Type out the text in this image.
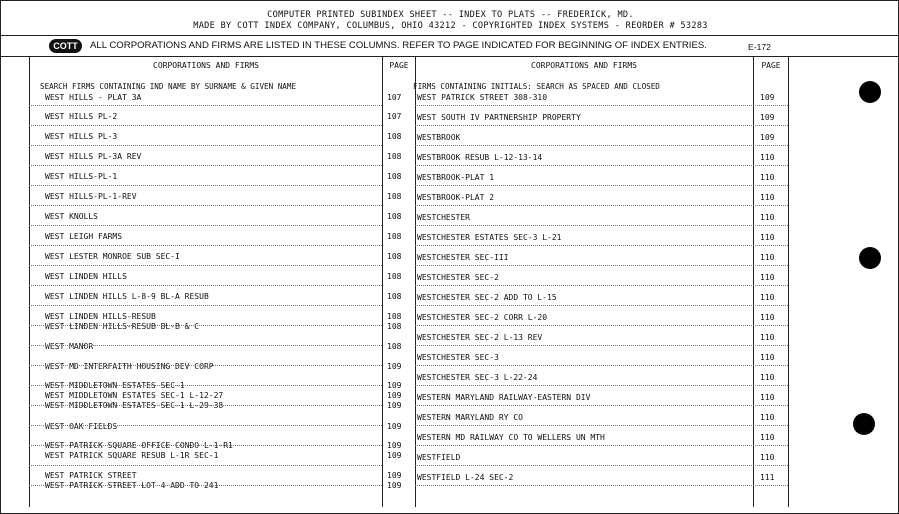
COMPUTER PRINTED SUBINDEX SHEET -- INDEX TO PLATS -- FREDERICK, MD.
MADE BY COTT INDEX COMPANY, COLUMBUS, OHIO 43212 - COPYRIGHTED INDEX SYSTEMS - REORDER # 53283
COTT	ALL CORPORATIONS AND FIRMS ARE LISTED IN THESE COLUMNS. REFER TO PAGE INDICATED FOR BEGINNING OF INDEX ENTRIES.	E-172
CORPORATIONS AND FIRMS	PAGE	CORPORATIONS AND FIRMS	PAGE
SEARCH FIRMS CONTAINING IND NAME BY SURNAME & GIVEN NAME	FIRMS CONTAINING INITIALS: SEARCH AS SPACED AND CLOSED
WEST HILLS - PLAT 3A	107
WEST HILLS PL-2	107
WEST HILLS PL-3	108
WEST HILLS PL-3A REV	108
WEST HILLS-PL-1	108
WEST HILLS-PL-1-REV	108
WEST KNOLLS	108
WEST LEIGH FARMS	108
WEST LESTER MONROE SUB SEC-I	108
WEST LINDEN HILLS	108
WEST LINDEN HILLS L-8-9 BL-A RESUB	108
WEST LINDEN HILLS-RESUB	108
WEST LINDEN HILLS-RESUB BL-B & C	108
WEST MANOR	108
WEST MD INTERFAITH HOUSING DEV CORP	109
WEST MIDDLETOWN ESTATES SEC-1	109
WEST MIDDLETOWN ESTATES SEC-1 L-12-27	109
WEST MIDDLETOWN ESTATES SEC-1 L-29-38	109
WEST OAK FIELDS	109
WEST PATRICK SQUARE OFFICE CONDO L-1-R1	109
WEST PATRICK SQUARE RESUB L-1R SEC-1	109
WEST PATRICK STREET	109
WEST PATRICK STREET LOT 4 ADD TO 241	109
WEST PATRICK STREET 308-310	109
WEST SOUTH IV PARTNERSHIP PROPERTY	109
WESTBROOK	109
WESTBROOK RESUB L-12-13-14	110
WESTBROOK-PLAT 1	110
WESTBROOK-PLAT 2	110
WESTCHESTER	110
WESTCHESTER ESTATES SEC-3 L-21	110
WESTCHESTER SEC-III	110
WESTCHESTER SEC-2	110
WESTCHESTER SEC-2 ADD TO L-15	110
WESTCHESTER SEC-2 CORR L-20	110
WESTCHESTER SEC-2 L-13 REV	110
WESTCHESTER SEC-3	110
WESTCHESTER SEC-3 L-22-24	110
WESTERN MARYLAND RAILWAY-EASTERN DIV	110
WESTERN MARYLAND RY CO	110
WESTERN MD RAILWAY CO TO WELLERS UN MTH	110
WESTFIELD	110
WESTFIELD L-24 SEC-2	111
